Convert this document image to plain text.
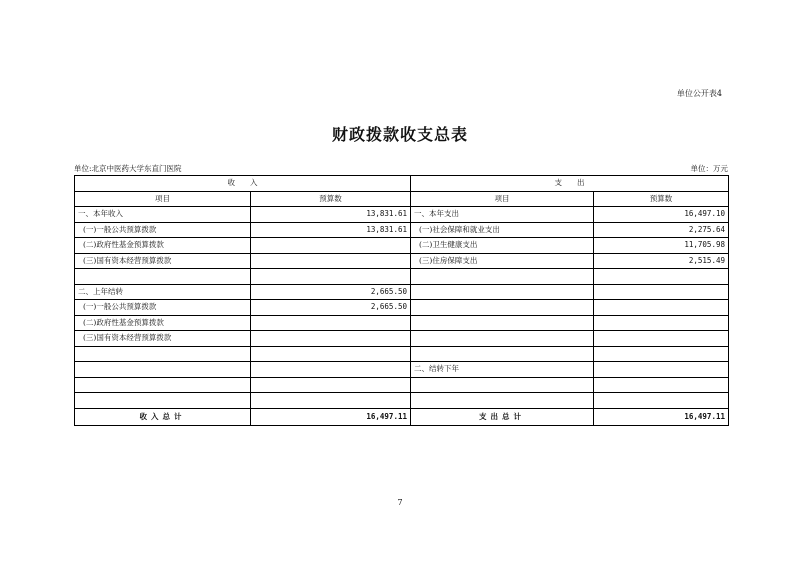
单位公开表4
财政拨款收支总表
单位:北京中医药大学东直门医院	单位：万元
收　　入		支　　出	
项目	预算数	项目	预算数
一、本年收入	13,831.61	一、本年支出	16,497.10
(一)一般公共预算拨款	13,831.61	(一)社会保障和就业支出	2,275.64
(二)政府性基金预算拨款		(二)卫生健康支出	11,705.98
(三)国有资本经营预算拨款		(三)住房保障支出	2,515.49

二、上年结转	2,665.50		
(一)一般公共预算拨款	2,665.50		
(二)政府性基金预算拨款			
(三)国有资本经营预算拨款			

		二、结转下年	

收入总计	16,497.11	支出总计	16,497.11
7
